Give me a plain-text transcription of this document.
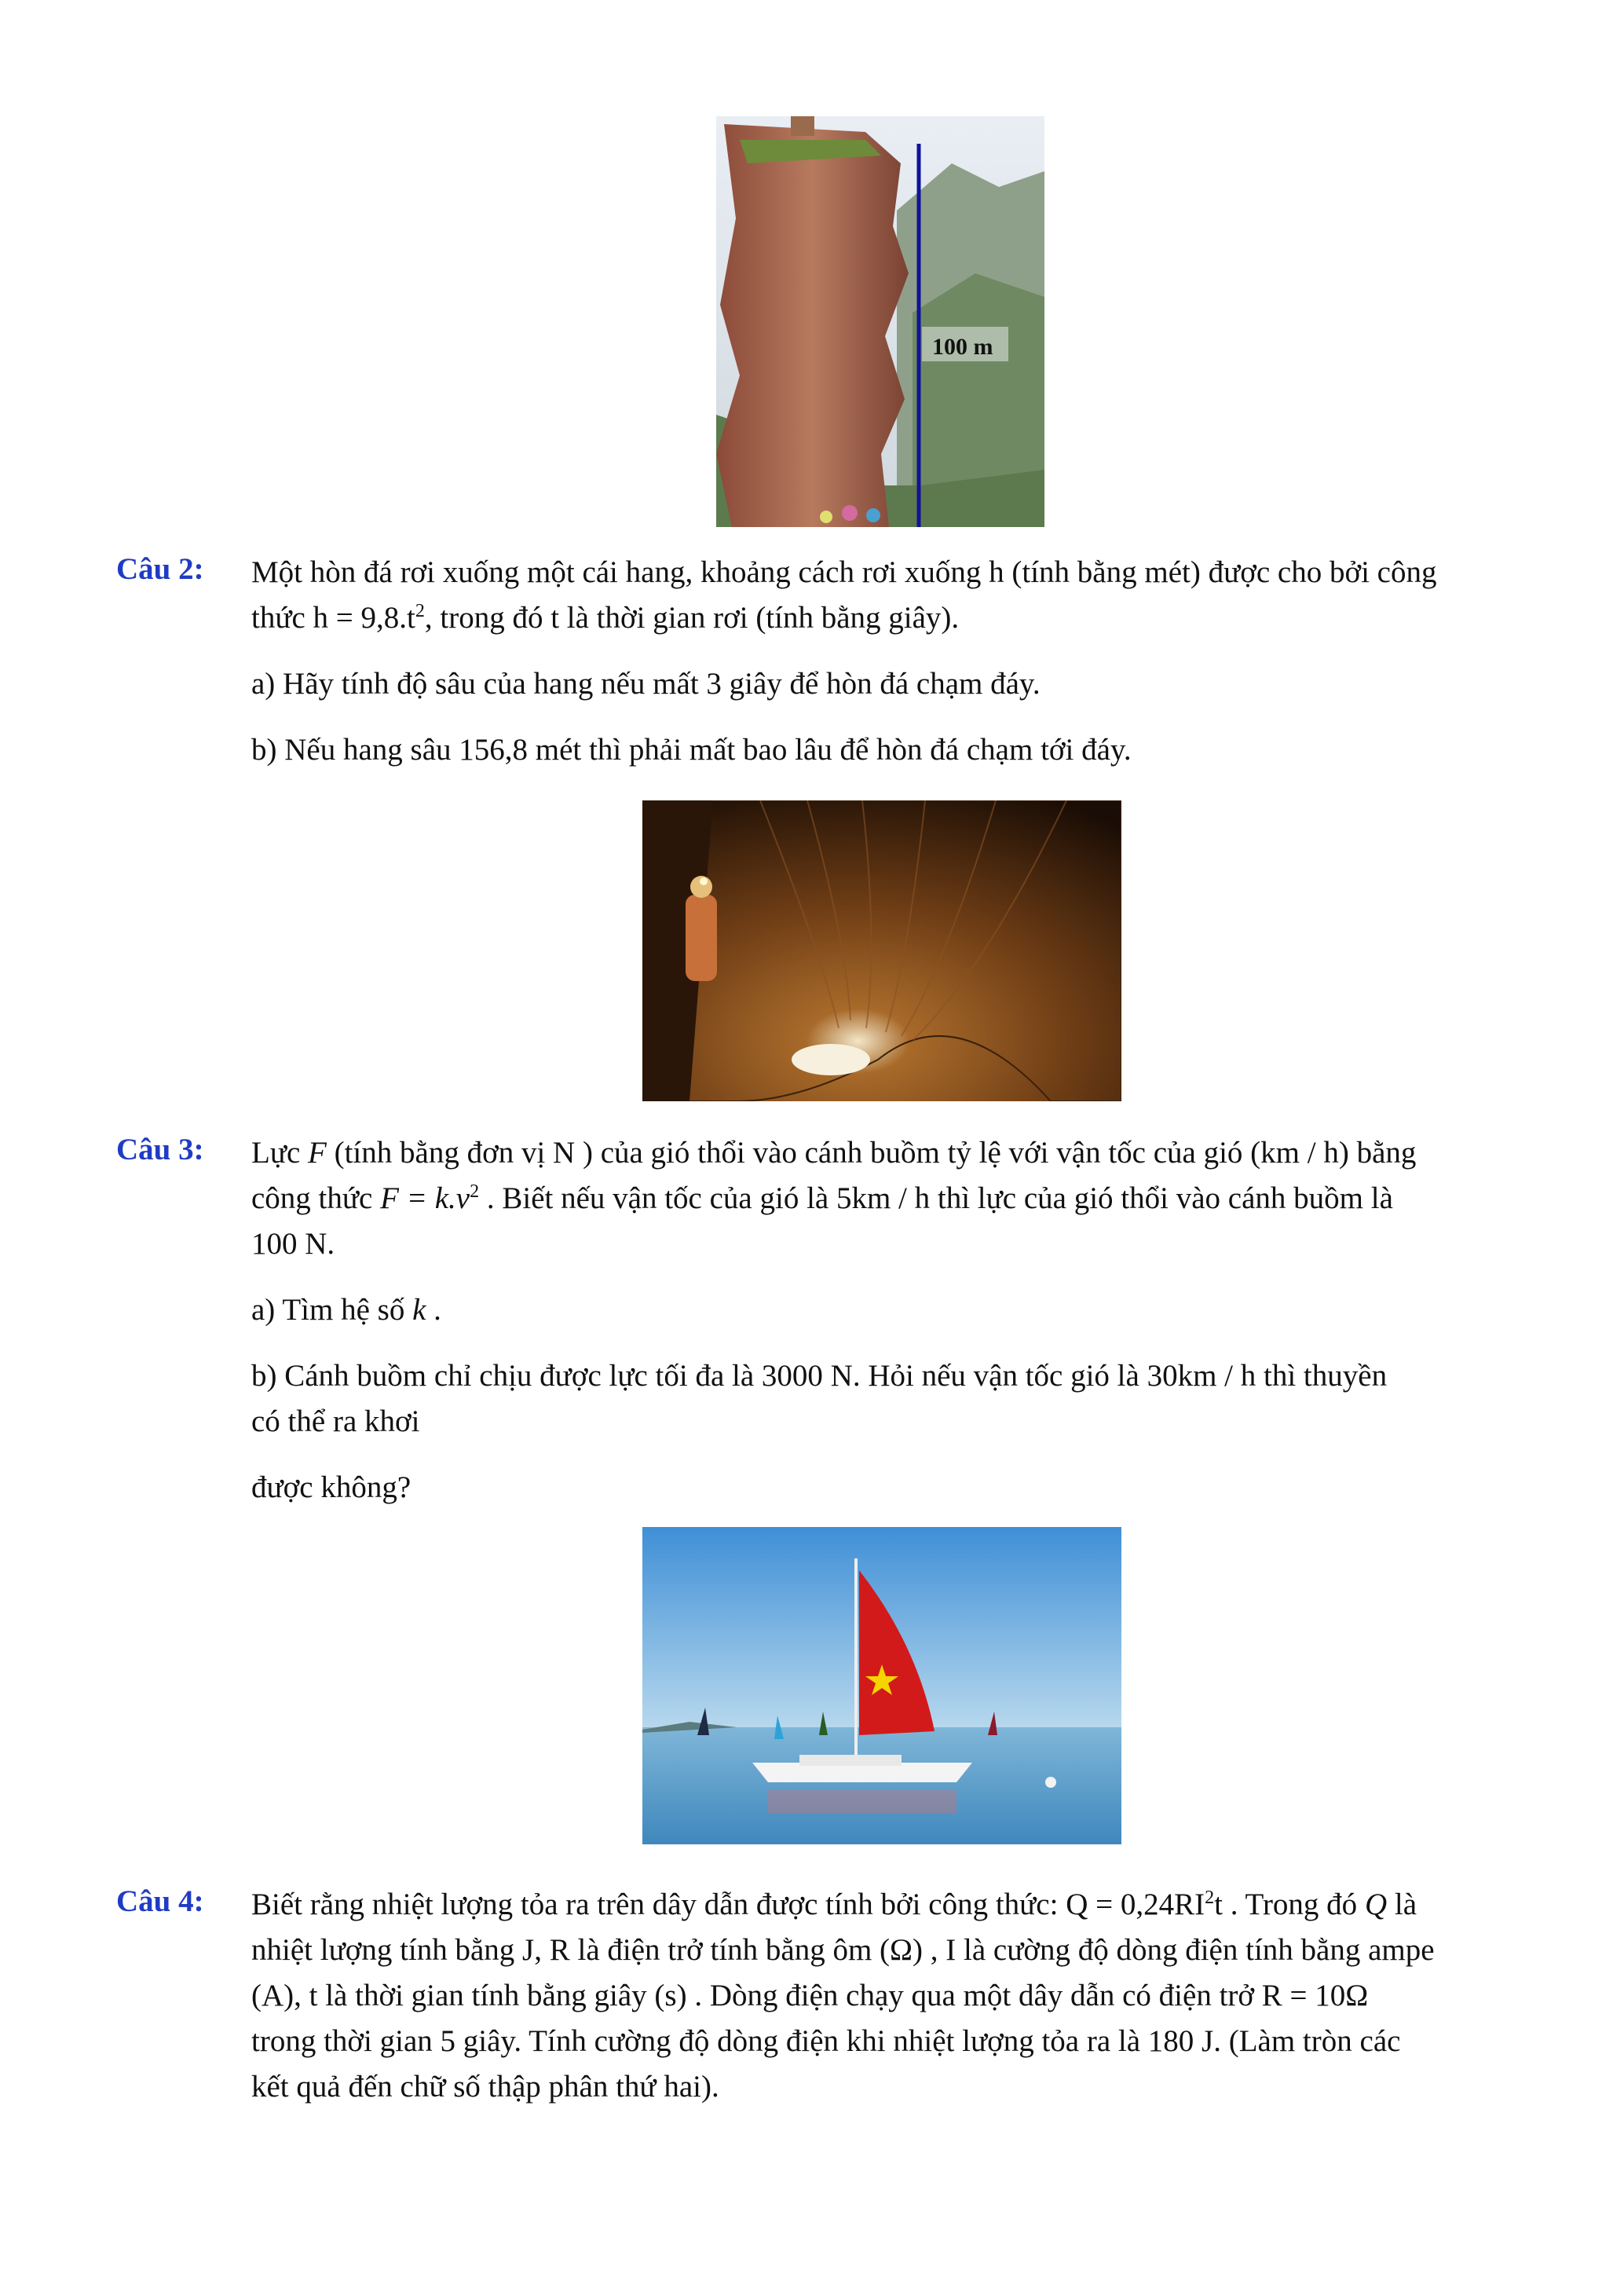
100 m
Câu 2: Một hòn đá rơi xuống một cái hang, khoảng cách rơi xuống h (tính bằng mét) được cho bởi công

thức $h = 9,8.t^2$, trong đó t là thời gian rơi (tính bằng giây).

a) Hãy tính độ sâu của hang nếu mất 3 giây để hòn đá chạm đáy.

b) Nếu hang sâu 156,8 mét thì phải mất bao lâu để hòn đá chạm tới đáy.

Câu 3: Lực F (tính bằng đơn vị N ) của gió thổi vào cánh buồm tỷ lệ với vận tốc của gió (km / h) bằng

công thức $F = k.v^2$ . Biết nếu vận tốc của gió là 5km / h thì lực của gió thổi vào cánh buồm là

100 N.

a) Tìm hệ số k .

b) Cánh buồm chỉ chịu được lực tối đa là 3000 N. Hỏi nếu vận tốc gió là 30km / h thì thuyền

có thể ra khơi

được không?

Câu 4: Biết rằng nhiệt lượng tỏa ra trên dây dẫn được tính bởi công thức: $Q = 0,24RI^2t$ . Trong đó Q là

nhiệt lượng tính bằng J, R là điện trở tính bằng ôm (Ω) , I là cường độ dòng điện tính bằng ampe

(A), t là thời gian tính bằng giây (s) . Dòng điện chạy qua một dây dẫn có điện trở R = 10Ω

trong thời gian 5 giây. Tính cường độ dòng điện khi nhiệt lượng tỏa ra là 180 J. (Làm tròn các

kết quả đến chữ số thập phân thứ hai).
